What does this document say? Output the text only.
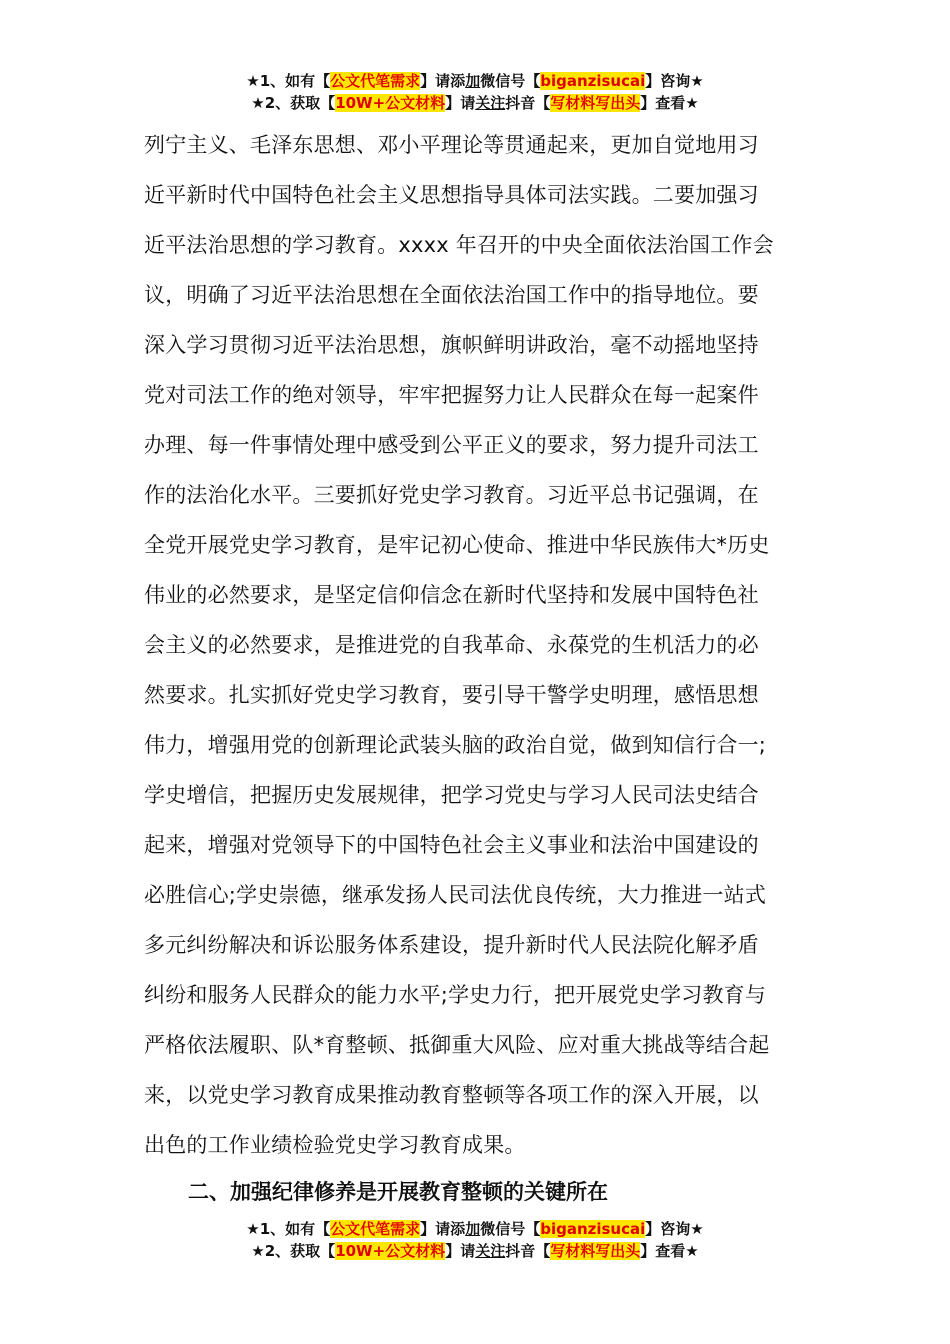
★1、如有【公文代笔需求】请添加微信号【biganzisucai】咨询★
★2、获取【10W+公文材料】请关注抖音【写材料写出头】查看★
列宁主义、毛泽东思想、邓小平理论等贯通起来，更加自觉地用习
近平新时代中国特色社会主义思想指导具体司法实践。二要加强习
近平法治思想的学习教育。xxxx 年召开的中央全面依法治国工作会
议，明确了习近平法治思想在全面依法治国工作中的指导地位。要
深入学习贯彻习近平法治思想，旗帜鲜明讲政治，毫不动摇地坚持
党对司法工作的绝对领导，牢牢把握努力让人民群众在每一起案件
办理、每一件事情处理中感受到公平正义的要求，努力提升司法工
作的法治化水平。三要抓好党史学习教育。习近平总书记强调，在
全党开展党史学习教育，是牢记初心使命、推进中华民族伟大*历史
伟业的必然要求，是坚定信仰信念在新时代坚持和发展中国特色社
会主义的必然要求，是推进党的自我革命、永葆党的生机活力的必
然要求。扎实抓好党史学习教育，要引导干警学史明理，感悟思想
伟力，增强用党的创新理论武装头脑的政治自觉，做到知信行合一;
学史增信，把握历史发展规律，把学习党史与学习人民司法史结合
起来，增强对党领导下的中国特色社会主义事业和法治中国建设的
必胜信心;学史崇德，继承发扬人民司法优良传统，大力推进一站式
多元纠纷解决和诉讼服务体系建设，提升新时代人民法院化解矛盾
纠纷和服务人民群众的能力水平;学史力行，把开展党史学习教育与
严格依法履职、队*育整顿、抵御重大风险、应对重大挑战等结合起
来，以党史学习教育成果推动教育整顿等各项工作的深入开展，以
出色的工作业绩检验党史学习教育成果。
二、加强纪律修养是开展教育整顿的关键所在
★1、如有【公文代笔需求】请添加微信号【biganzisucai】咨询★
★2、获取【10W+公文材料】请关注抖音【写材料写出头】查看★
